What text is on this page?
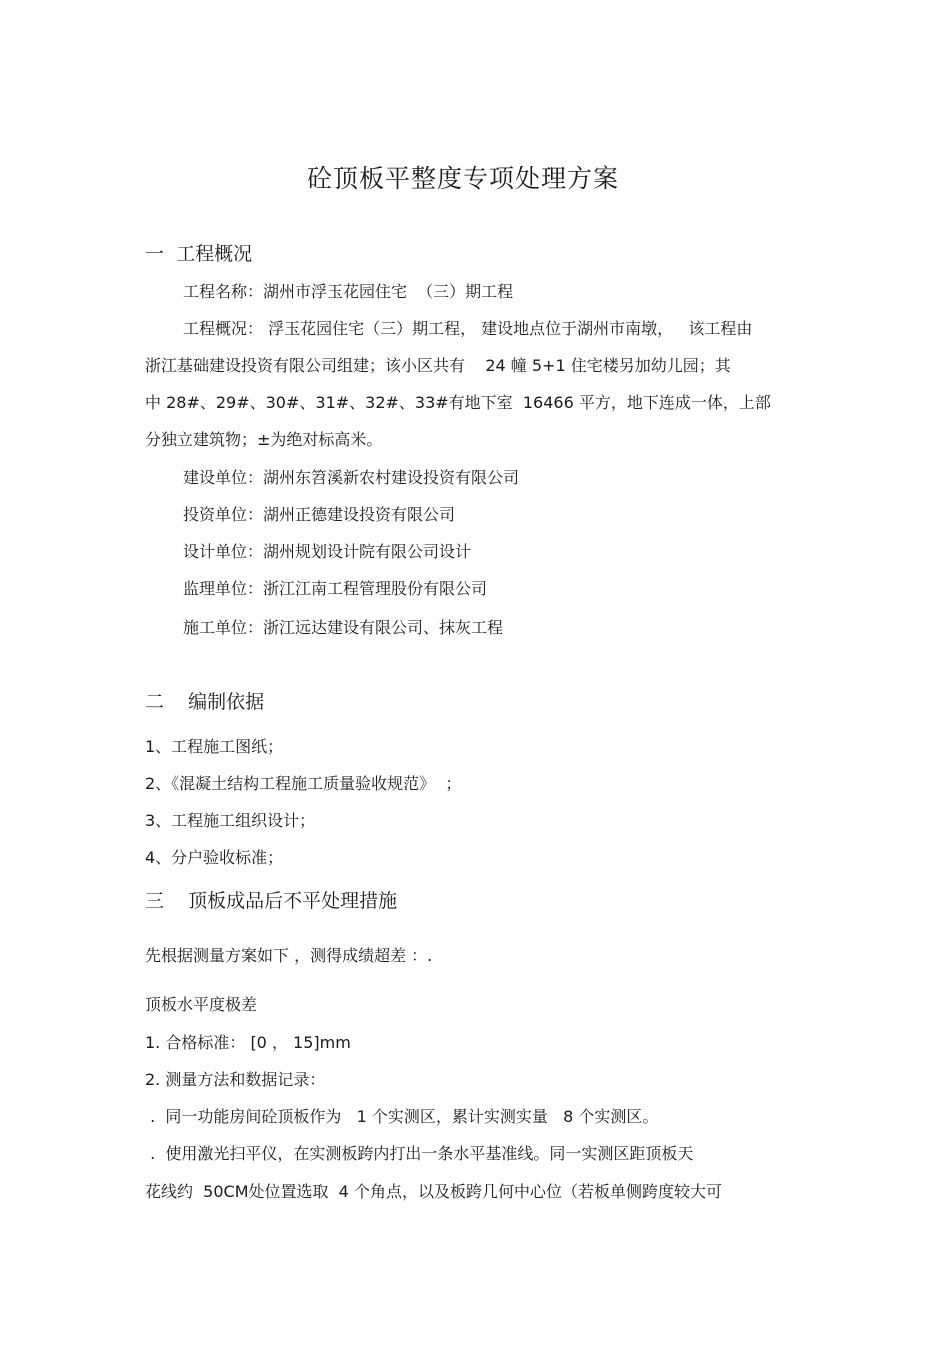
砼顶板平整度专项处理方案
一  工程概况
工程名称：湖州市浮玉花园住宅  （三）期工程
工程概况： 浮玉花园住宅（三）期工程， 建设地点位于湖州市南墩，   该工程由
浙江基础建设投资有限公司组建；该小区共有    24 幢 5+1 住宅楼另加幼儿园；其
中 28#、29#、30#、31#、32#、33#有地下室  16466 平方，地下连成一体，上部
分独立建筑物；±为绝对标高米。
建设单位：湖州东笤溪新农村建设投资有限公司
投资单位：湖州正德建设投资有限公司
设计单位：湖州规划设计院有限公司设计
监理单位：浙江江南工程管理股份有限公司
施工单位：浙江远达建设有限公司、抹灰工程
二    编制依据
1、工程施工图纸；
2、《混凝土结构工程施工质量验收规范》  ；
3、工程施工组织设计；
4、分户验收标准；
三    顶板成品后不平处理措施
先根据测量方案如下 ，测得成绩超差 ：.
顶板水平度极差
1. 合格标准： [0 ， 15]mm
2. 测量方法和数据记录：
.  同一功能房间砼顶板作为   1 个实测区，累计实测实量   8 个实测区。
.  使用激光扫平仪，在实测板跨内打出一条水平基准线。同一实测区距顶板天
花线约  50CM处位置选取  4 个角点，以及板跨几何中心位（若板单侧跨度较大可
